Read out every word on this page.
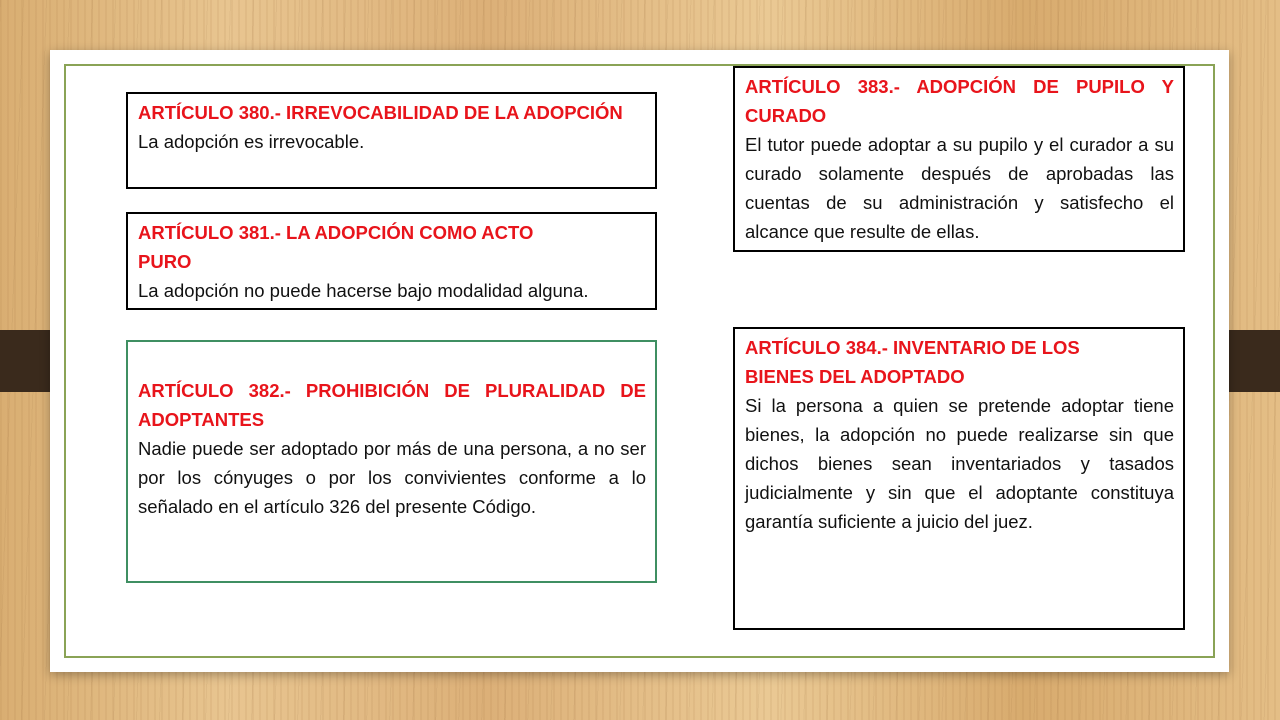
ARTÍCULO 380.- IRREVOCABILIDAD DE LA ADOPCIÓN

La adopción es irrevocable.

ARTÍCULO 381.- LA ADOPCIÓN COMO ACTO PURO

La adopción no puede hacerse bajo modalidad alguna.

ARTÍCULO 382.- PROHIBICIÓN DE PLURALIDAD DE ADOPTANTES

Nadie puede ser adoptado por más de una persona, a no ser por los cónyuges o por los convivientes conforme a lo señalado en el artículo 326 del presente Código.

ARTÍCULO 383.- ADOPCIÓN DE PUPILO Y CURADO

El tutor puede adoptar a su pupilo y el curador a su curado solamente después de aprobadas las cuentas de su administración y satisfecho el alcance que resulte de ellas.

ARTÍCULO 384.- INVENTARIO DE LOS BIENES DEL ADOPTADO

Si la persona a quien se pretende adoptar tiene bienes, la adopción no puede realizarse sin que dichos bienes sean inventariados y tasados judicialmente y sin que el adoptante constituya garantía suficiente a juicio del juez.
